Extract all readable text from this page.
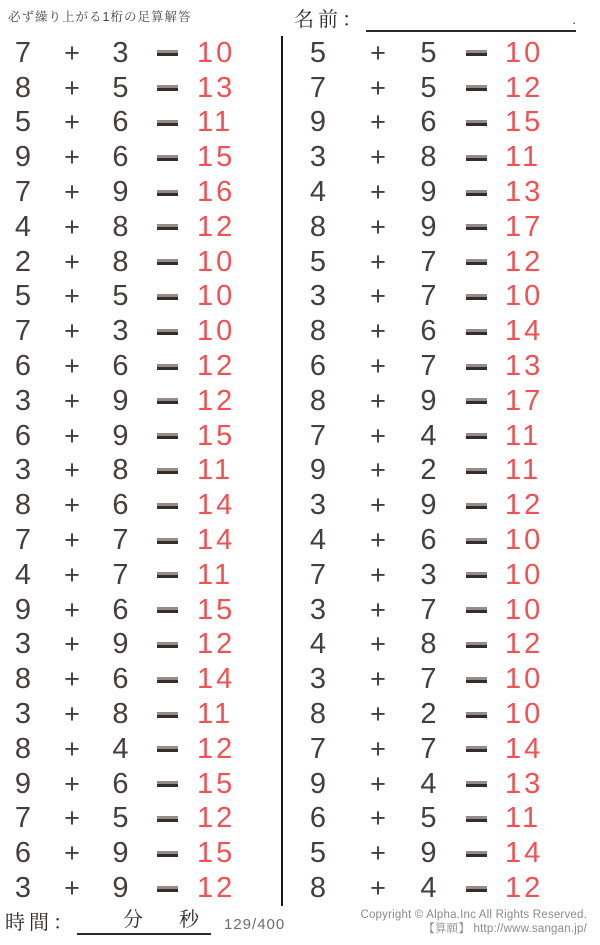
必ず繰り上がる1桁の足算解答	名前：	.
7	+	3	10
8	+	5	13
5	+	6	11
9	+	6	15
7	+	9	16
4	+	8	12
2	+	8	10
5	+	5	10
7	+	3	10
6	+	6	12
3	+	9	12
6	+	9	15
3	+	8	11
8	+	6	14
7	+	7	14
4	+	7	11
9	+	6	15
3	+	9	12
8	+	6	14
3	+	8	11
8	+	4	12
9	+	6	15
7	+	5	12
6	+	9	15
3	+	9	12
5	+	5	10
7	+	5	12
9	+	6	15
3	+	8	11
4	+	9	13
8	+	9	17
5	+	7	12
3	+	7	10
8	+	6	14
6	+	7	13
8	+	9	17
7	+	4	11
9	+	2	11
3	+	9	12
4	+	6	10
7	+	3	10
3	+	7	10
4	+	8	12
3	+	7	10
8	+	2	10
7	+	7	14
9	+	4	13
6	+	5	11
5	+	9	14
8	+	4	12
時間： 分 秒 129/400
Copyright © Alpha.Inc All Rights Reserved.
【算願】 http://www.sangan.jp/
